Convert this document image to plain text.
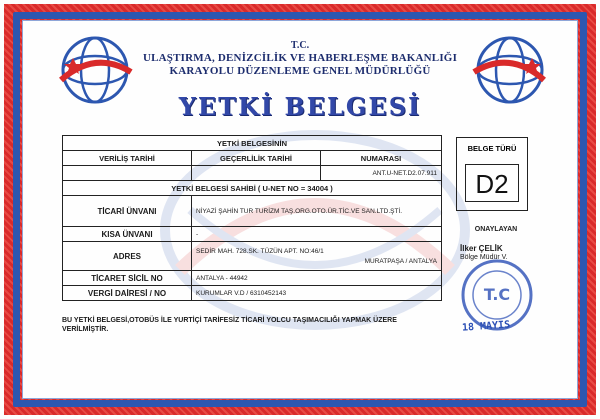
T.C.
ULAŞTIRMA, DENİZCİLİK VE HABERLEŞME BAKANLIĞI
KARAYOLU DÜZENLEME GENEL MÜDÜRLÜĞÜ
YETKİ BELGESİ
YETKİ BELGESİNİN		
VERİLİŞ TARİHİ	GEÇERLİLİK TARİHİ	NUMARASI
		ANT.U-NET.D2.07.911
YETKİ BELGESİ SAHİBİ ( U-NET NO = 34004 )		
TİCARİ ÜNVANI	NİYAZİ ŞAHİN TUR TURİZM TAŞ.ORG.OTO.ÜR.TİC.VE SAN.LTD.ŞTİ.	
KISA ÜNVANI	-	
ADRES	SEDİR MAH. 728.SK. TÜZÜN APT. NO:46/1
MURATPAŞA / ANTALYA	

TİCARET SİCİL NO	ANTALYA - 44942	
VERGİ DAİRESİ / NO	KURUMLAR V.D / 6310452143	
BELGE TÜRÜ
D2
ONAYLAYAN
T.C
İlker ÇELİK
Bölge Müdür V.
18 MAYIS
BU YETKİ BELGESİ,OTOBÜS İLE YURTİÇİ TARİFESİZ TİCARİ YOLCU TAŞIMACILIĞI YAPMAK ÜZERE VERİLMİŞTİR.
